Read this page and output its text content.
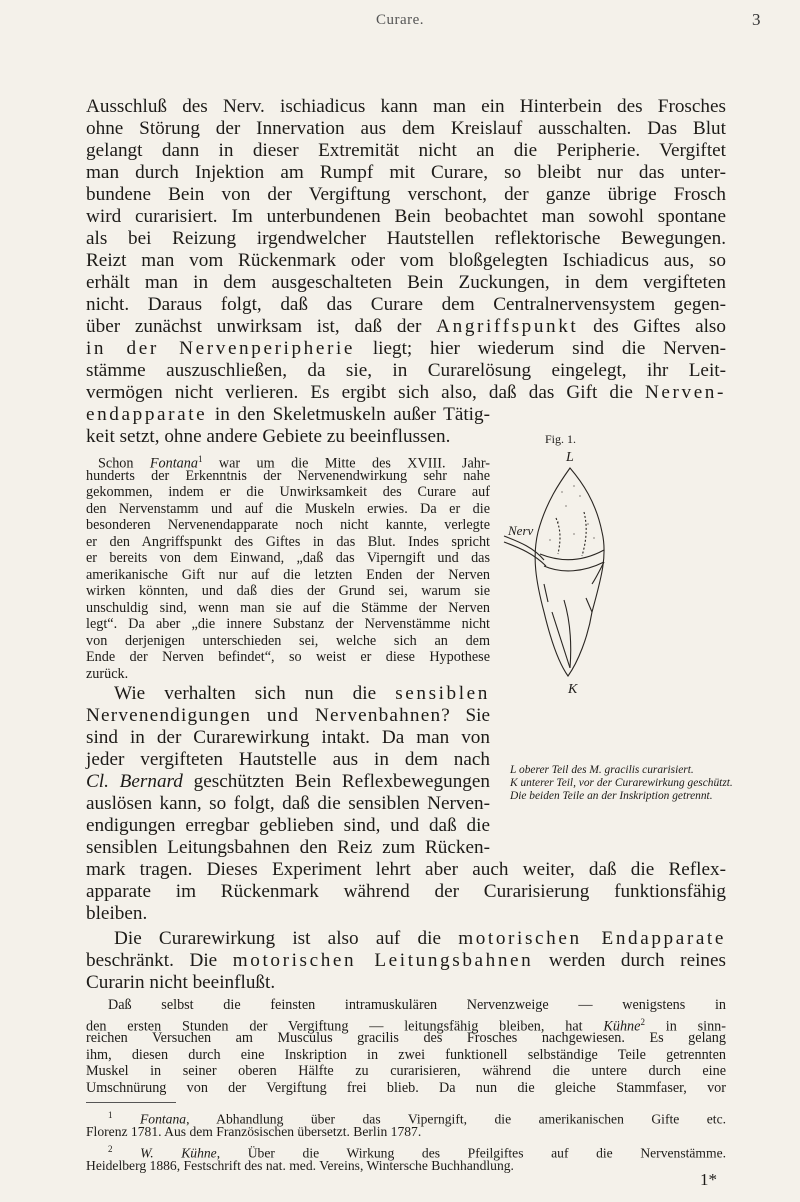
Curare.	3

Ausschluß des Nerv. ischiadicus kann man ein Hinterbein des Frosches

ohne Störung der Innervation aus dem Kreislauf ausschalten. Das Blut

gelangt dann in dieser Extremität nicht an die Peripherie. Vergiftet

man durch Injektion am Rumpf mit Curare, so bleibt nur das unter-

bundene Bein von der Vergiftung verschont, der ganze übrige Frosch

wird curarisiert. Im unterbundenen Bein beobachtet man sowohl spontane

als bei Reizung irgendwelcher Hautstellen reflektorische Bewegungen.

Reizt man vom Rückenmark oder vom bloßgelegten Ischiadicus aus, so

erhält man in dem ausgeschalteten Bein Zuckungen, in dem vergifteten

nicht. Daraus folgt, daß das Curare dem Centralnervensystem gegen-

über zunächst unwirksam ist, daß der Angriffspunkt des Giftes also

in der Nervenperipherie liegt; hier wiederum sind die Nerven-

stämme auszuschließen, da sie, in Curarelösung eingelegt, ihr Leit-

vermögen nicht verlieren. Es ergibt sich also, daß das Gift die Nerven-

endapparate in den Skeletmuskeln außer Tätig-

keit setzt, ohne andere Gebiete zu beeinflussen.

Schon Fontana$^1$ war um die Mitte des XVIII. Jahr-

hunderts der Erkenntnis der Nervenendwirkung sehr nahe

gekommen, indem er die Unwirksamkeit des Curare auf

den Nervenstamm und auf die Muskeln erwies. Da er die

besonderen Nervenendapparate noch nicht kannte, verlegte

er den Angriffspunkt des Giftes in das Blut. Indes spricht

er bereits von dem Einwand, „daß das Viperngift und das

amerikanische Gift nur auf die letzten Enden der Nerven

wirken könnten, und daß dies der Grund sei, warum sie

unschuldig sind, wenn man sie auf die Stämme der Nerven

legt“. Da aber „die innere Substanz der Nervenstämme nicht

von derjenigen unterschieden sei, welche sich an dem

Ende der Nerven befindet“, so weist er diese Hypothese

zurück.

Wie verhalten sich nun die sensiblen

Nervenendigungen und Nervenbahnen? Sie

sind in der Curarewirkung intakt. Da man von

jeder vergifteten Hautstelle aus in dem nach

Cl. Bernard geschützten Bein Reflexbewegungen

auslösen kann, so folgt, daß die sensiblen Nerven-

endigungen erregbar geblieben sind, und daß die

sensiblen Leitungsbahnen den Reiz zum Rücken-

mark tragen. Dieses Experiment lehrt aber auch weiter, daß die Reflex-

apparate im Rückenmark während der Curarisierung funktionsfähig

bleiben.

Die Curarewirkung ist also auf die motorischen Endapparate

beschränkt. Die motorischen Leitungsbahnen werden durch reines

Curarin nicht beeinflußt.

Daß selbst die feinsten intramuskulären Nervenzweige — wenigstens in

den ersten Stunden der Vergiftung — leitungsfähig bleiben, hat Kühne$^2$ in sinn-

reichen Versuchen am Musculus gracilis des Frosches nachgewiesen. Es gelang

ihm, diesen durch eine Inskription in zwei funktionell selbständige Teile getrennten

Muskel in seiner oberen Hälfte zu curarisieren, während die untere durch eine

Umschnürung von der Vergiftung frei blieb. Da nun die gleiche Stammfaser, vor

$^1$ Fontana, Abhandlung über das Viperngift, die amerikanischen Gifte etc.

Florenz 1781. Aus dem Französischen übersetzt. Berlin 1787.

$^2$ W. Kühne, Über die Wirkung des Pfeilgiftes auf die Nervenstämme.

Heidelberg 1886, Festschrift des nat. med. Vereins, Wintersche Buchhandlung.

1*
Fig. 1.
L
Nerv
K
L oberer Teil des M. gracilis curarisiert.
K unterer Teil, vor der Curarewirkung geschützt.
Die beiden Teile an der Inskription getrennt.
